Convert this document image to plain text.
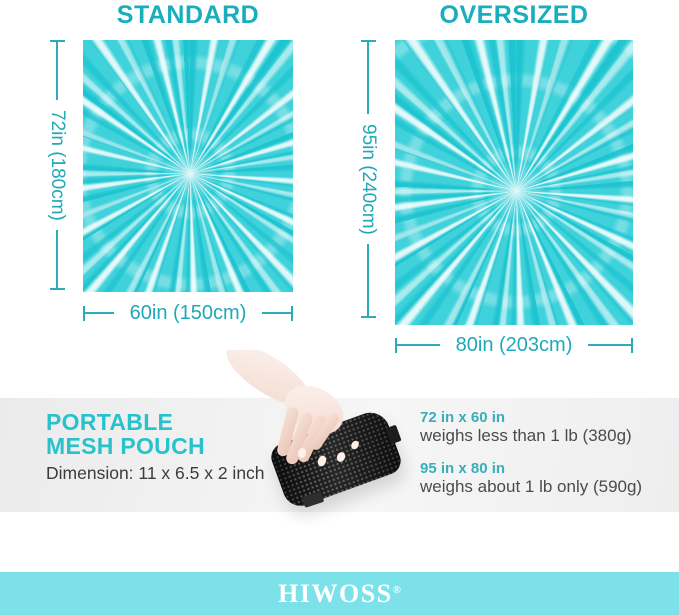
STANDARD	OVERSIZED
72in (180cm)	95in (240cm)
60in (150cm)
80in (203cm)
PORTABLE
MESH POUCH
Dimension: 11 x 6.5 x 2 inch
72 in x 60 in
weighs less than 1 lb (380g)
95 in x 80 in
weighs about 1 lb only (590g)
HIWOSS®
